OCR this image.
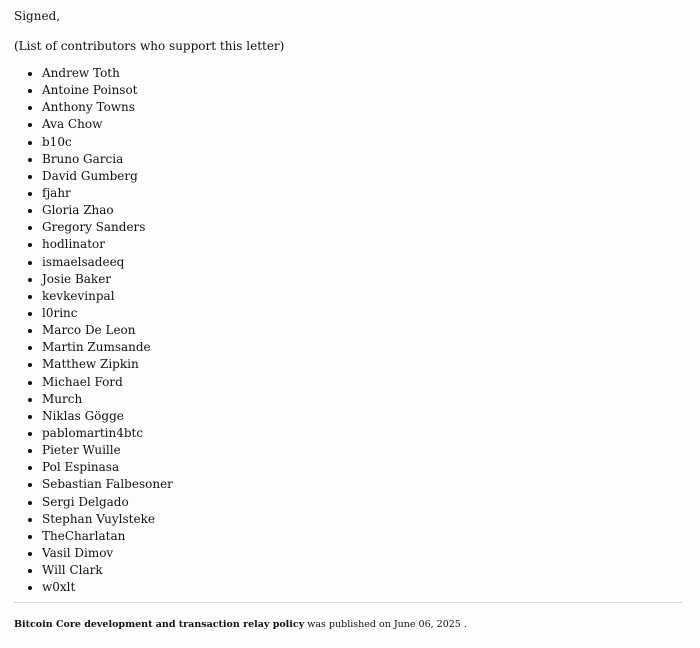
Signed,

(List of contributors who support this letter)

• Andrew Toth
• Antoine Poinsot
• Anthony Towns
• Ava Chow
• b10c
• Bruno Garcia
• David Gumberg
• fjahr
• Gloria Zhao
• Gregory Sanders
• hodlinator
• ismaelsadeeq
• Josie Baker
• kevkevinpal
• l0rinc
• Marco De Leon
• Martin Zumsande
• Matthew Zipkin
• Michael Ford
• Murch
• Niklas Gögge
• pablomartin4btc
• Pieter Wuille
• Pol Espinasa
• Sebastian Falbesoner
• Sergi Delgado
• Stephan Vuylsteke
• TheCharlatan
• Vasil Dimov
• Will Clark
• w0xlt

Bitcoin Core development and transaction relay policy was published on June 06, 2025 .
